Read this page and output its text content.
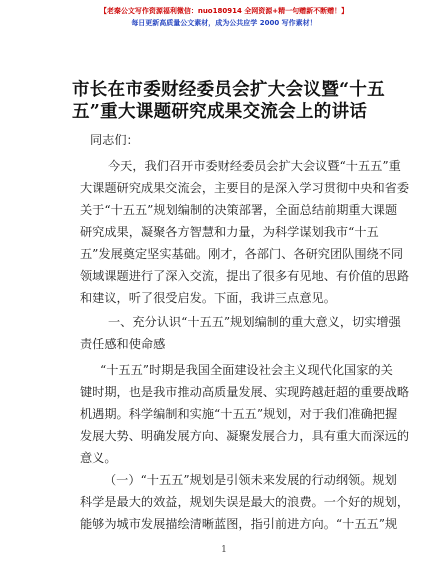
【老秦公文写作资源福利微信：nuo180914 全网资源+精一句赠新不断赠！】
每日更新高质量公文素材，成为公共应学 2000 写作素材！
市长在市委财经委员会扩大会议暨“十五
五”重大课题研究成果交流会上的讲话
同志们：
今天，我们召开市委财经委员会扩大会议暨“十五五”重
大课题研究成果交流会，主要目的是深入学习贯彻中央和省委
关于“十五五”规划编制的决策部署，全面总结前期重大课题
研究成果，凝聚各方智慧和力量，为科学谋划我市“十五
五”发展奠定坚实基础。刚才，各部门、各研究团队围绕不同
领域课题进行了深入交流，提出了很多有见地、有价值的思路
和建议，听了很受启发。下面，我讲三点意见。
一、充分认识“十五五”规划编制的重大意义，切实增强
责任感和使命感
“十五五”时期是我国全面建设社会主义现代化国家的关
键时期，也是我市推动高质量发展、实现跨越赶超的重要战略
机遇期。科学编制和实施“十五五”规划，对于我们准确把握
发展大势、明确发展方向、凝聚发展合力，具有重大而深远的
意义。
（一）“十五五”规划是引领未来发展的行动纲领。规划
科学是最大的效益，规划失误是最大的浪费。一个好的规划，
能够为城市发展描绘清晰蓝图，指引前进方向。“十五五”规
1
